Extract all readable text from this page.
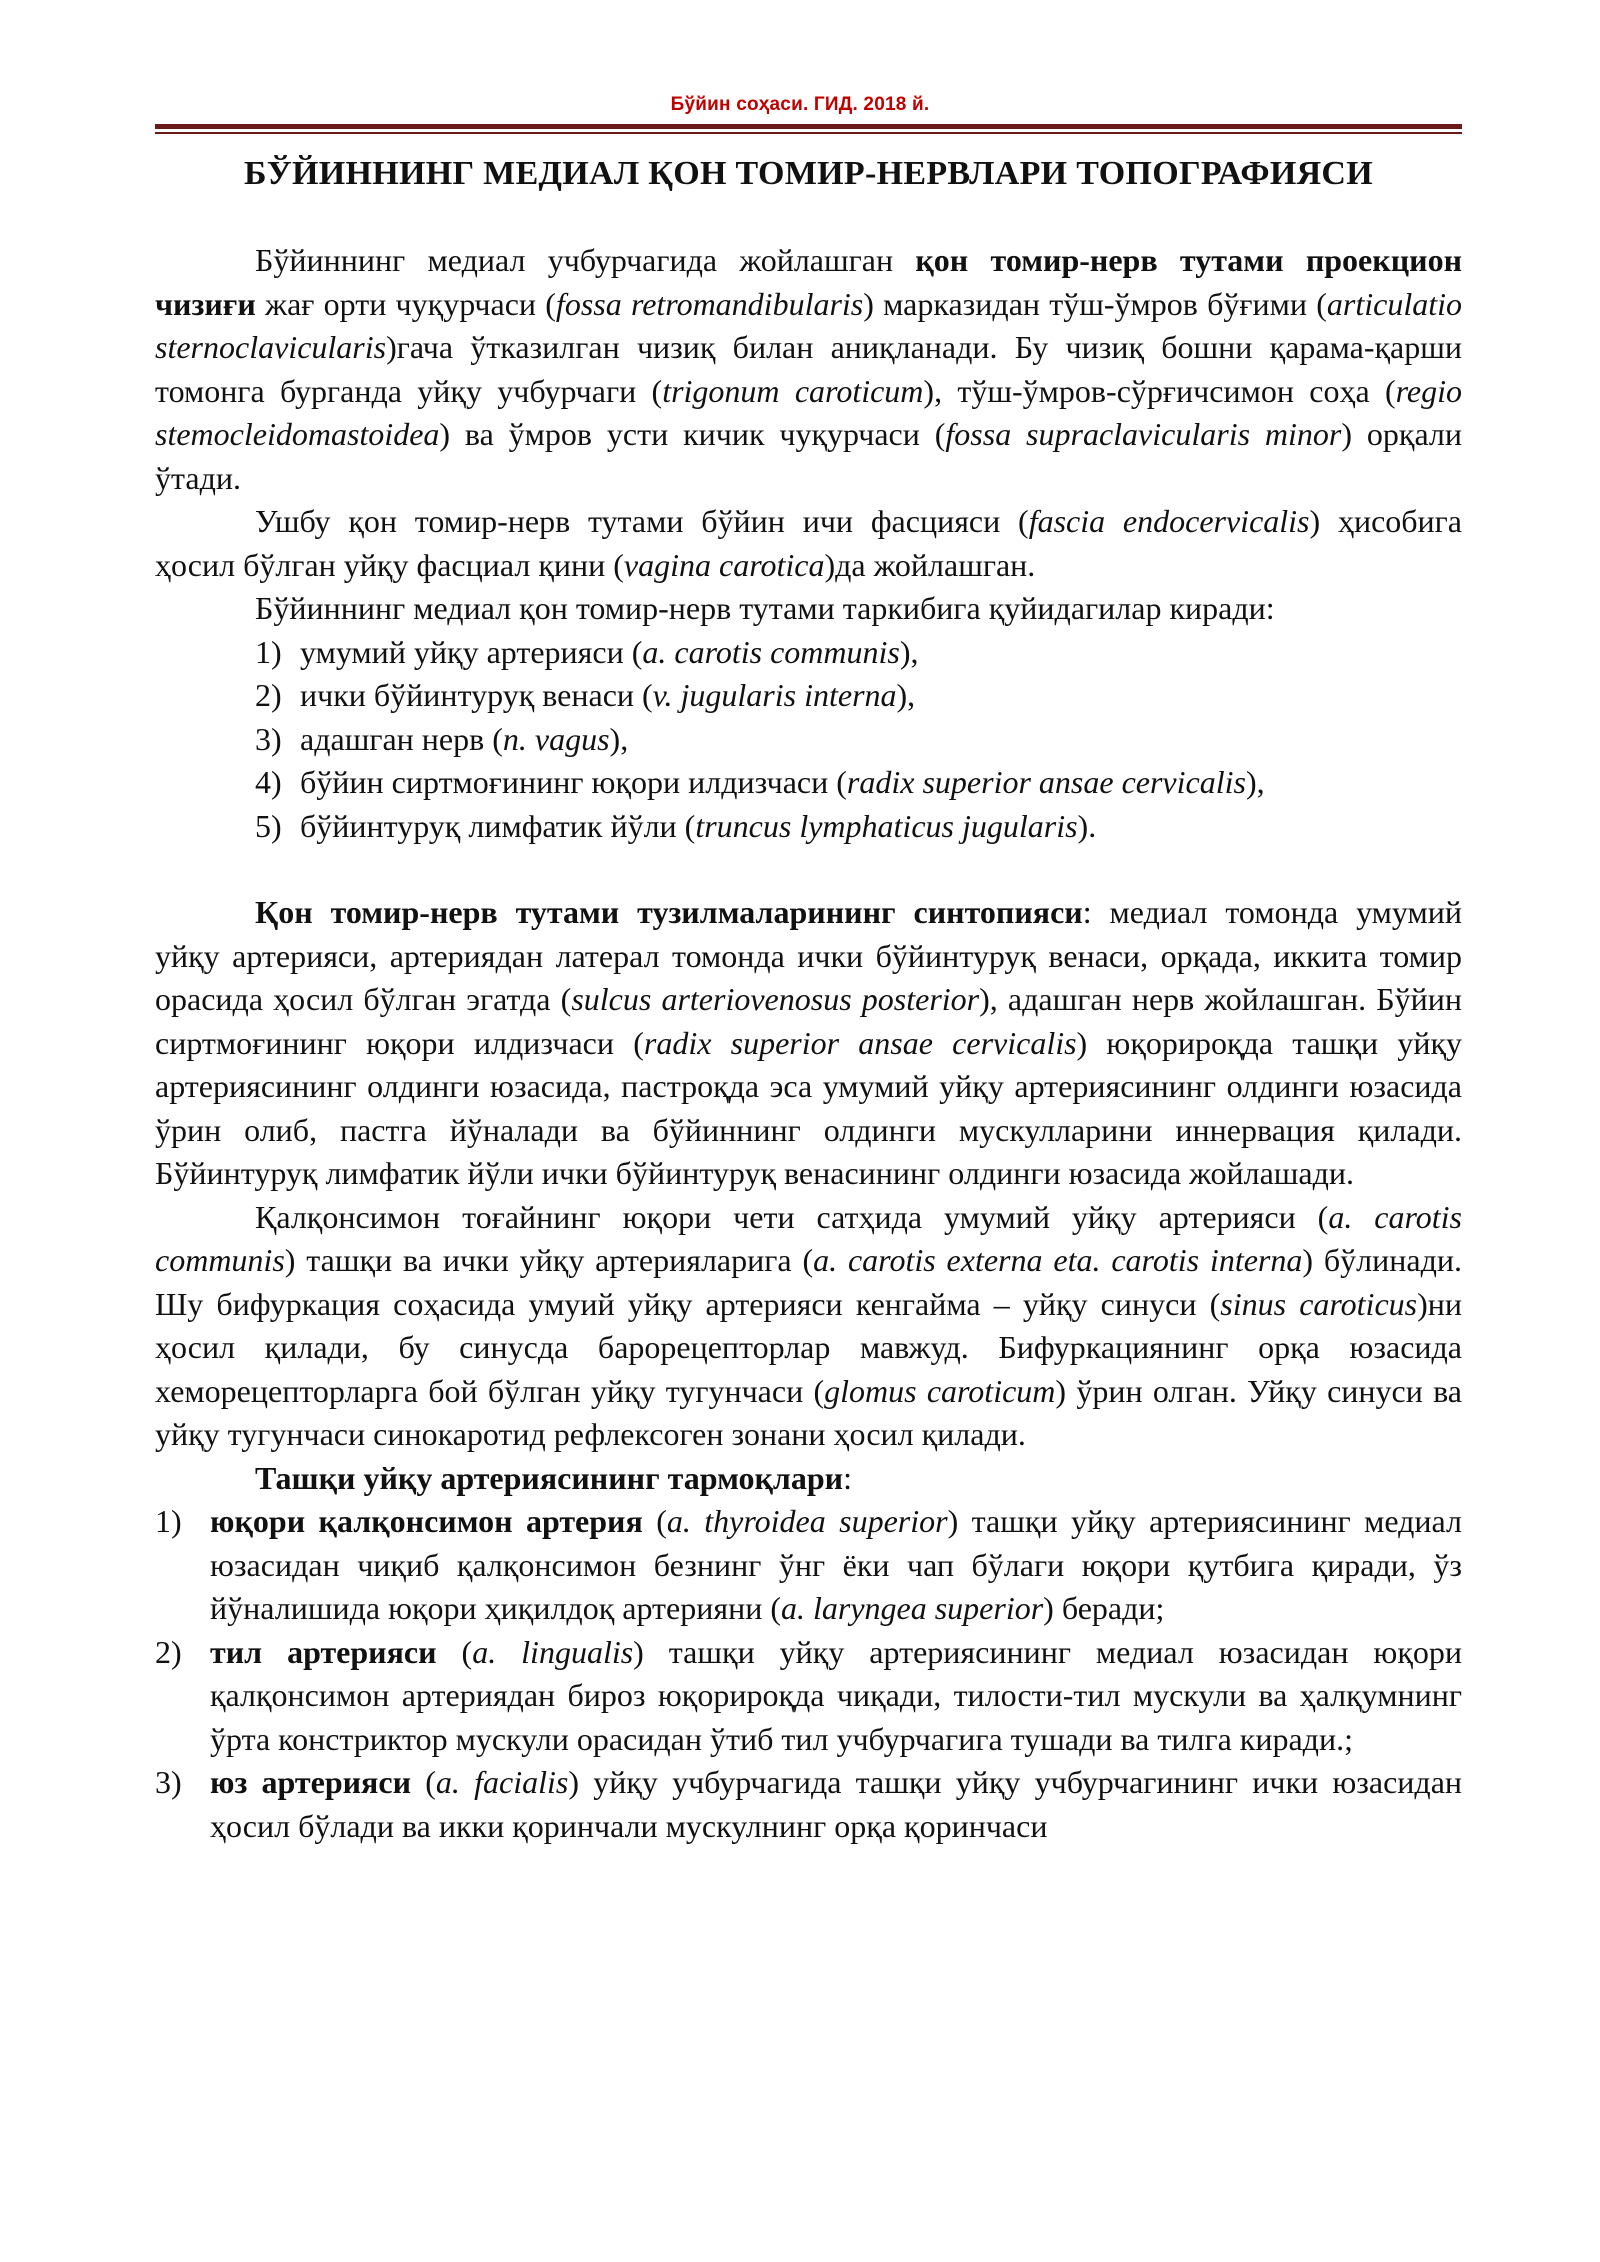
Бўйин соҳаси. ГИД. 2018 й.
БЎЙИННИНГ МЕДИАЛ ҚОН ТОМИР-НЕРВЛАРИ ТОПОГРАФИЯСИ

Бўйиннинг медиал учбурчагида жойлашган қон томир-нерв тутами проекцион чизиғи жағ орти чуқурчаси (fossa retromandibularis) марказидан тўш-ўмров бўғими (articulatio sternoclavicularis)гача ўтказилган чизиқ билан аниқланади. Бу чизиқ бошни қарама-қарши томонга бурганда уйқу учбурчаги (trigonum caroticum), тўш-ўмров-сўрғичсимон соҳа (regio stemocleidomastoidea) ва ўмров усти кичик чуқурчаси (fossa supraclavicularis minor) орқали ўтади.

Ушбу қон томир-нерв тутами бўйин ичи фасцияси (fascia endocervicalis) ҳисобига ҳосил бўлган уйқу фасциал қини (vagina carotica)да жойлашган.

Бўйиннинг медиал қон томир-нерв тутами таркибига қуйидагилар киради:

1) умумий уйқу артерияси (a. carotis communis),
2) ички бўйинтуруқ венаси (v. jugularis interna),
3) адашган нерв (n. vagus),
4) бўйин сиртмоғининг юқори илдизчаси (radix superior ansae cervicalis),
5) бўйинтуруқ лимфатик йўли (truncus lymphaticus jugularis).

Қон томир-нерв тутами тузилмаларининг синтопияси: медиал томонда умумий уйқу артерияси, артериядан латерал томонда ички бўйинтуруқ венаси, орқада, иккита томир орасида ҳосил бўлган эгатда (sulcus arteriovenosus posterior), адашган нерв жойлашган. Бўйин сиртмоғининг юқори илдизчаси (radix superior ansae cervicalis) юқорироқда ташқи уйқу артериясининг олдинги юзасида, пастроқда эса умумий уйқу артериясининг олдинги юзасида ўрин олиб, пастга йўналади ва бўйиннинг олдинги мускулларини иннервация қилади. Бўйинтуруқ лимфатик йўли ички бўйинтуруқ венасининг олдинги юзасида жойлашади.

Қалқонсимон тоғайнинг юқори чети сатҳида умумий уйқу артерияси (a. carotis communis) ташқи ва ички уйқу артерияларига (a. carotis externa eta. carotis interna) бўлинади. Шу бифуркация соҳасида умуий уйқу артерияси кенгайма – уйқу синуси (sinus caroticus)ни ҳосил қилади, бу синусда барорецепторлар мавжуд. Бифуркациянинг орқа юзасида хеморецепторларга бой бўлган уйқу тугунчаси (glomus caroticum) ўрин олган. Уйқу синуси ва уйқу тугунчаси синокаротид рефлексоген зонани ҳосил қилади.

Ташқи уйқу артериясининг тармоқлари:

1) юқори қалқонсимон артерия (a. thyroidea superior) ташқи уйқу артериясининг медиал юзасидан чиқиб қалқонсимон безнинг ўнг ёки чап бўлаги юқори қутбига қиради, ўз йўналишида юқори ҳиқилдоқ артерияни (a. laryngea superior) беради;
2) тил артерияси (a. lingualis) ташқи уйқу артериясининг медиал юзасидан юқори қалқонсимон артериядан бироз юқорироқда чиқади, тилости-тил мускули ва ҳалқумнинг ўрта констриктор мускули орасидан ўтиб тил учбурчагига тушади ва тилга киради.;
3) юз артерияси (a. facialis) уйқу учбурчагида ташқи уйқу учбурчагининг ички юзасидан ҳосил бўлади ва икки қоринчали мускулнинг орқа қоринчаси
